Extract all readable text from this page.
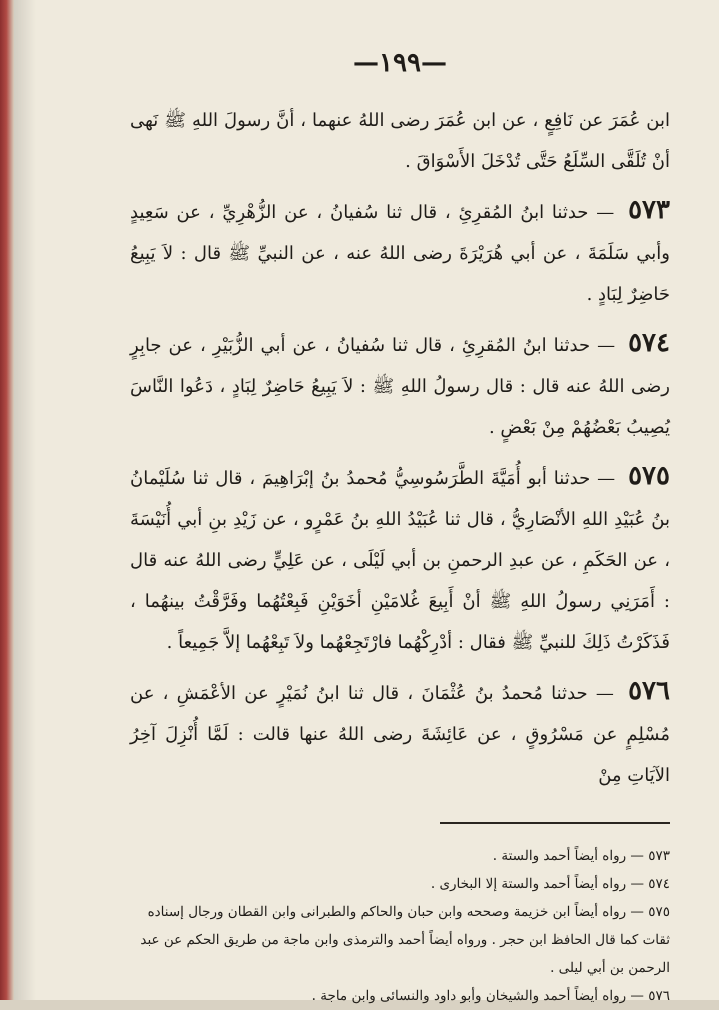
—١٩٩—

ابن عُمَرَ عن نَافِعٍ ، عن ابن عُمَرَ رضى اللهُ عنهما ، أنَّ رسولَ اللهِ ﷺ نَهى أنْ تُلَقَّى السِّلَعُ حَتَّى تُدْخَلَ الأَسْوَاقَ .

٥٧٣ — حدثنا ابنُ المُقرِئِ ، قال ثنا سُفيانُ ، عن الزُّهْرِيِّ ، عن سَعِيدٍ وأبي سَلَمَةَ ، عن أبي هُرَيْرَةَ رضى اللهُ عنه ، عن النبيِّ ﷺ قال : لاَ يَبِيعُ حَاضِرٌ لِبَادٍ .

٥٧٤ — حدثنا ابنُ المُقرِئِ ، قال ثنا سُفيانُ ، عن أبي الزُّبَيْرِ ، عن جابِرٍ رضى اللهُ عنه قال : قال رسولُ اللهِ ﷺ : لاَ يَبِيعُ حَاضِرٌ لِبَادٍ ، دَعُوا النَّاسَ يُصِيبُ بَعْضُهُمْ مِنْ بَعْضٍ .

٥٧٥ — حدثنا أبو أُمَيَّةَ الطَّرَسُوسِيُّ مُحمدُ بنُ إبْرَاهِيمَ ، قال ثنا سُلَيْمانُ بنُ عُبَيْدِ اللهِ الأنْصَارِيُّ ، قال ثنا عُبَيْدُ اللهِ بنُ عَمْرٍو ، عن زَيْدِ بنِ أبي أُنَيْسَةَ ، عن الحَكَمِ ، عن عبدِ الرحمنِ بن أبي لَيْلَى ، عن عَلِيٍّ رضى اللهُ عنه قال : أَمَرَنِي رسولُ اللهِ ﷺ أنْ أَبِيعَ غُلامَيْنِ أخَوَيْنِ فَبِعْتُهُما وفَرَّقْتُ بينهُما ، فَذَكَرْتُ ذَلِكَ للنبيِّ ﷺ فقال : أدْرِكْهُما فارْتَجِعْهُما ولاَ تَبِعْهُما إلاَّ جَمِيعاً .

٥٧٦ — حدثنا مُحمدُ بنُ عُثْمَانَ ، قال ثنا ابنُ نُمَيْرٍ عن الأعْمَشِ ، عن مُسْلِمٍ عن مَسْرُوقٍ ، عن عَائِشَةَ رضى اللهُ عنها قالت : لَمَّا أُنْزِلَ آخِرُ الآيَاتِ مِنْ

٥٧٣ — رواه أيضاً أحمد والستة .

٥٧٤ — رواه أيضاً أحمد والستة إلا البخارى .

٥٧٥ — رواه أيضاً ابن خزيمة وصححه وابن حبان والحاكم والطبرانى وابن القطان ورجال إسناده ثقات كما قال الحافظ ابن حجر . ورواه أيضاً أحمد والترمذى وابن ماجة من طريق الحكم عن عبد الرحمن بن أبي ليلى .

٥٧٦ — رواه أيضاً أحمد والشيخان وأبو داود والنسائى وابن ماجة .
